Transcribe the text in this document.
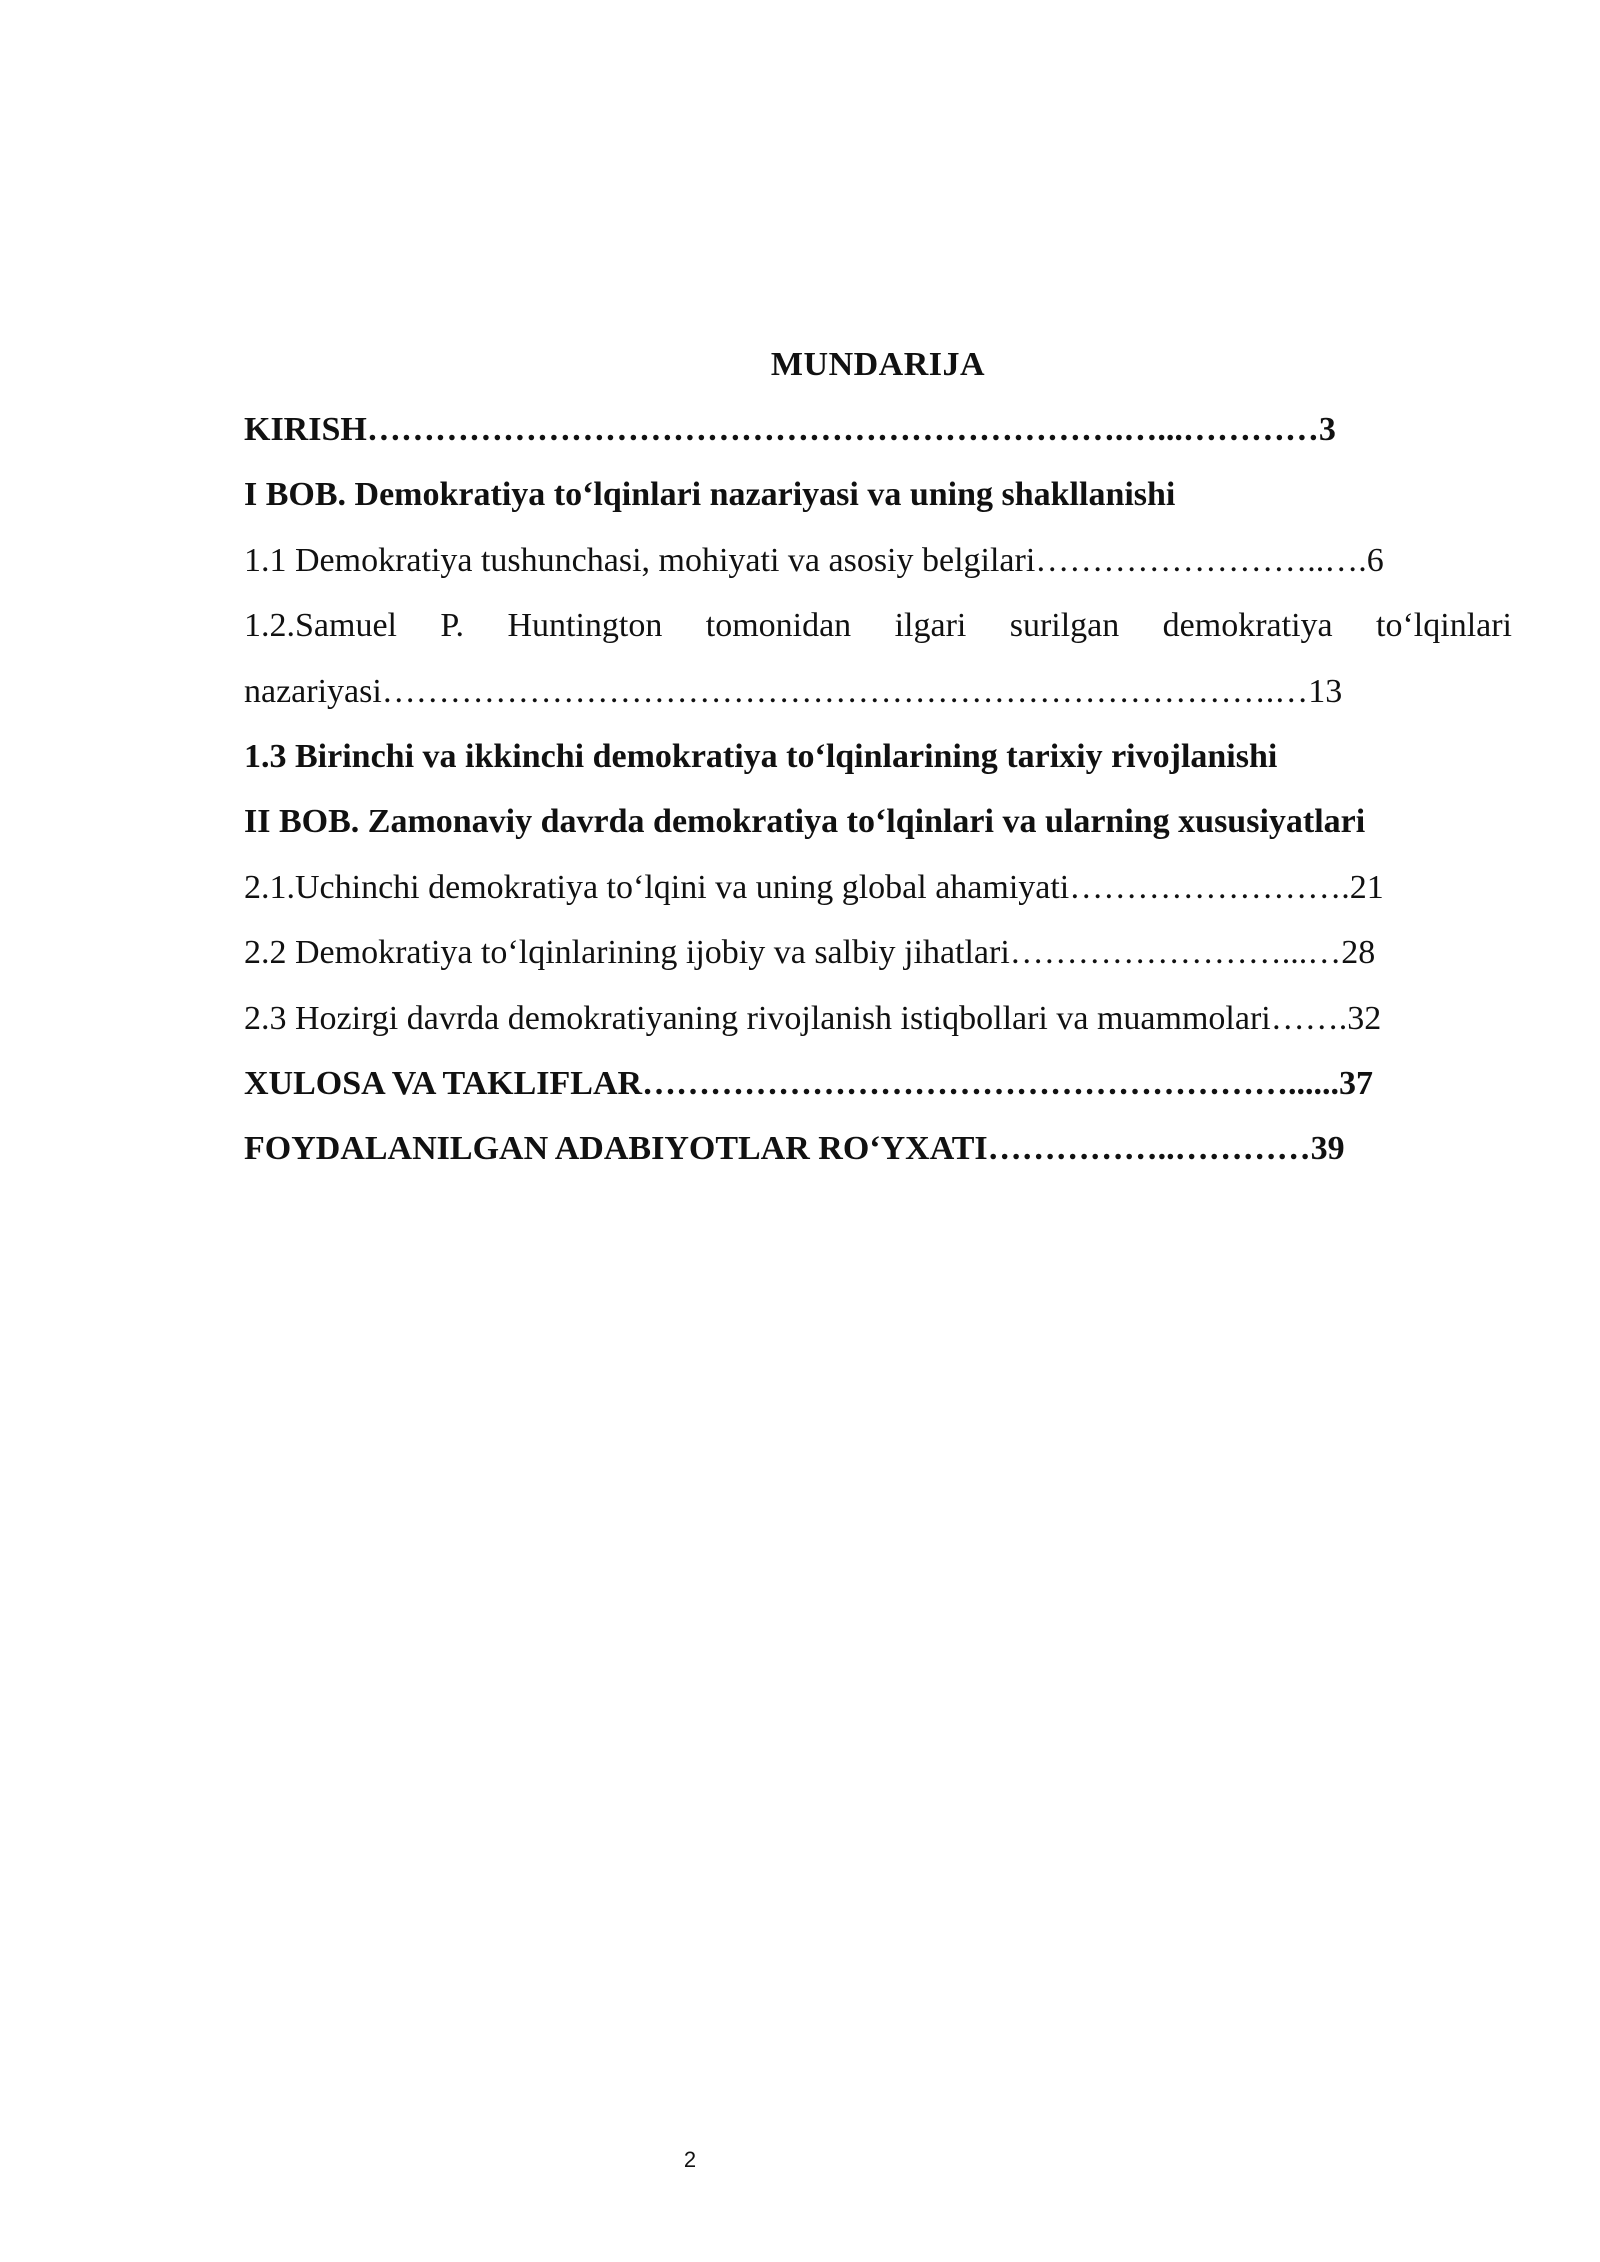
MUNDARIJA
KIRISH………………………………………………………….…...…………3
I BOB. Demokratiya to‘lqinlari nazariyasi va uning shakllanishi
1.1 Demokratiya tushunchasi, mohiyati va asosiy belgilari……………………..….6
1.2.Samuel P. Huntington tomonidan ilgari surilgan demokratiya to‘lqinlari
nazariyasi…………………………………………………………………….…13
1.3 Birinchi va ikkinchi demokratiya to‘lqinlarining tarixiy rivojlanishi
II BOB. Zamonaviy davrda demokratiya to‘lqinlari va ularning xususiyatlari
2.1.Uchinchi demokratiya to‘lqini va uning global ahamiyati…………………….21
2.2 Demokratiya to‘lqinlarining ijobiy va salbiy jihatlari……………………...…28
2.3 Hozirgi davrda demokratiyaning rivojlanish istiqbollari va muammolari…….32
XULOSA VA TAKLIFLAR…………………………………………………......37
FOYDALANILGAN ADABIYOTLAR RO‘YXATI……………..…………39
2
